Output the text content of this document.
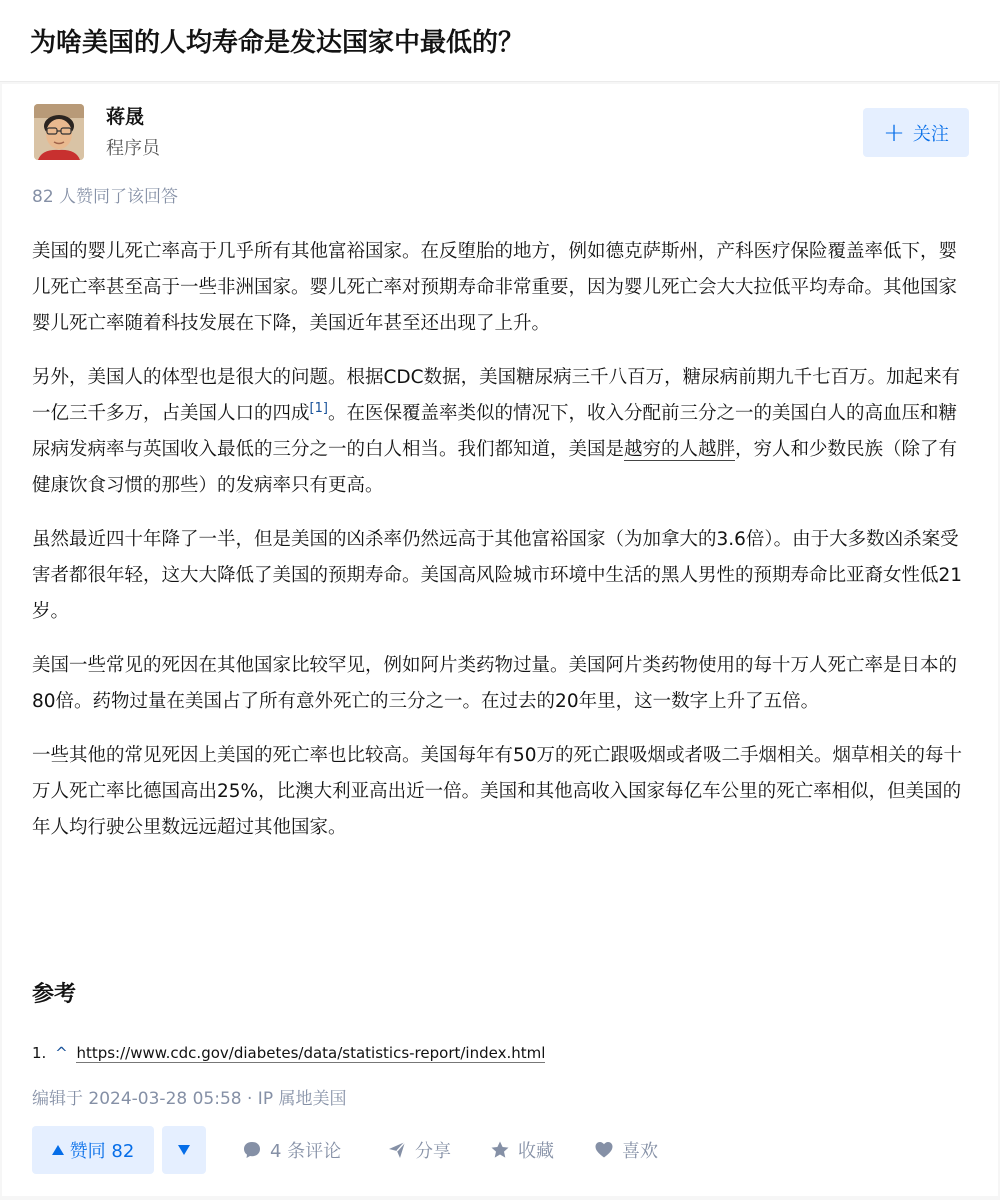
为啥美国的人均寿命是发达国家中最低的？
蒋晟
程序员
+ 关注
82 人赞同了该回答

美国的婴儿死亡率高于几乎所有其他富裕国家。在反堕胎的地方，例如德克萨斯州，产科医疗保险覆盖率低下，婴儿死亡率甚至高于一些非洲国家。婴儿死亡率对预期寿命非常重要，因为婴儿死亡会大大拉低平均寿命。其他国家婴儿死亡率随着科技发展在下降，美国近年甚至还出现了上升。

另外，美国人的体型也是很大的问题。根据CDC数据，美国糖尿病三千八百万，糖尿病前期九千七百万。加起来有一亿三千多万，占美国人口的四成[1]。在医保覆盖率类似的情况下，收入分配前三分之一的美国白人的高血压和糖尿病发病率与英国收入最低的三分之一的白人相当。我们都知道，美国是越穷的人越胖，穷人和少数民族（除了有健康饮食习惯的那些）的发病率只有更高。

虽然最近四十年降了一半，但是美国的凶杀率仍然远高于其他富裕国家（为加拿大的3.6倍）。由于大多数凶杀案受害者都很年轻，这大大降低了美国的预期寿命。美国高风险城市环境中生活的黑人男性的预期寿命比亚裔女性低21岁。

美国一些常见的死因在其他国家比较罕见，例如阿片类药物过量。美国阿片类药物使用的每十万人死亡率是日本的80倍。药物过量在美国占了所有意外死亡的三分之一。在过去的20年里，这一数字上升了五倍。

一些其他的常见死因上美国的死亡率也比较高。美国每年有50万的死亡跟吸烟或者吸二手烟相关。烟草相关的每十万人死亡率比德国高出25%，比澳大利亚高出近一倍。美国和其他高收入国家每亿车公里的死亡率相似，但美国的年人均行驶公里数远远超过其他国家。

参考
1. ^ https://www.cdc.gov/diabetes/data/statistics-report/index.html
编辑于 2024-03-28 05:58 · IP 属地美国
赞同 82	4 条评论	分享	收藏	喜欢
